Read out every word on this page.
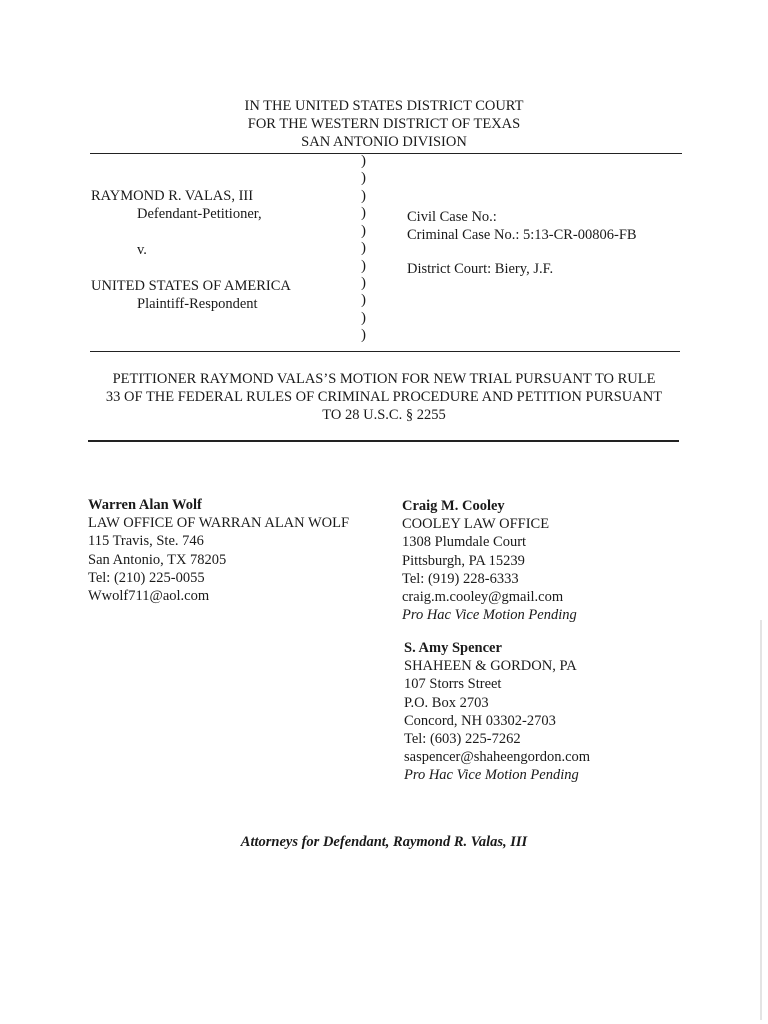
IN THE UNITED STATES DISTRICT COURT
FOR THE WESTERN DISTRICT OF TEXAS
SAN ANTONIO DIVISION
)
)
)
)
)
)
)
)
)
)
)
RAYMOND R. VALAS, III
Defendant-Petitioner,
v.
UNITED STATES OF AMERICA
Plaintiff-Respondent
Civil Case No.:
Criminal Case No.: 5:13-CR-00806-FB
District Court: Biery, J.F.
PETITIONER RAYMOND VALAS’S MOTION FOR NEW TRIAL PURSUANT TO RULE
33 OF THE FEDERAL RULES OF CRIMINAL PROCEDURE AND PETITION PURSUANT
TO 28 U.S.C. § 2255
Warren Alan Wolf
LAW OFFICE OF WARRAN ALAN WOLF
115 Travis, Ste. 746
San Antonio, TX 78205
Tel: (210) 225-0055
Wwolf711@aol.com
Craig M. Cooley
COOLEY LAW OFFICE
1308 Plumdale Court
Pittsburgh, PA 15239
Tel: (919) 228-6333
craig.m.cooley@gmail.com
Pro Hac Vice Motion Pending
S. Amy Spencer
SHAHEEN & GORDON, PA
107 Storrs Street
P.O. Box 2703
Concord, NH 03302-2703
Tel: (603) 225-7262
saspencer@shaheengordon.com
Pro Hac Vice Motion Pending
Attorneys for Defendant, Raymond R. Valas, III
